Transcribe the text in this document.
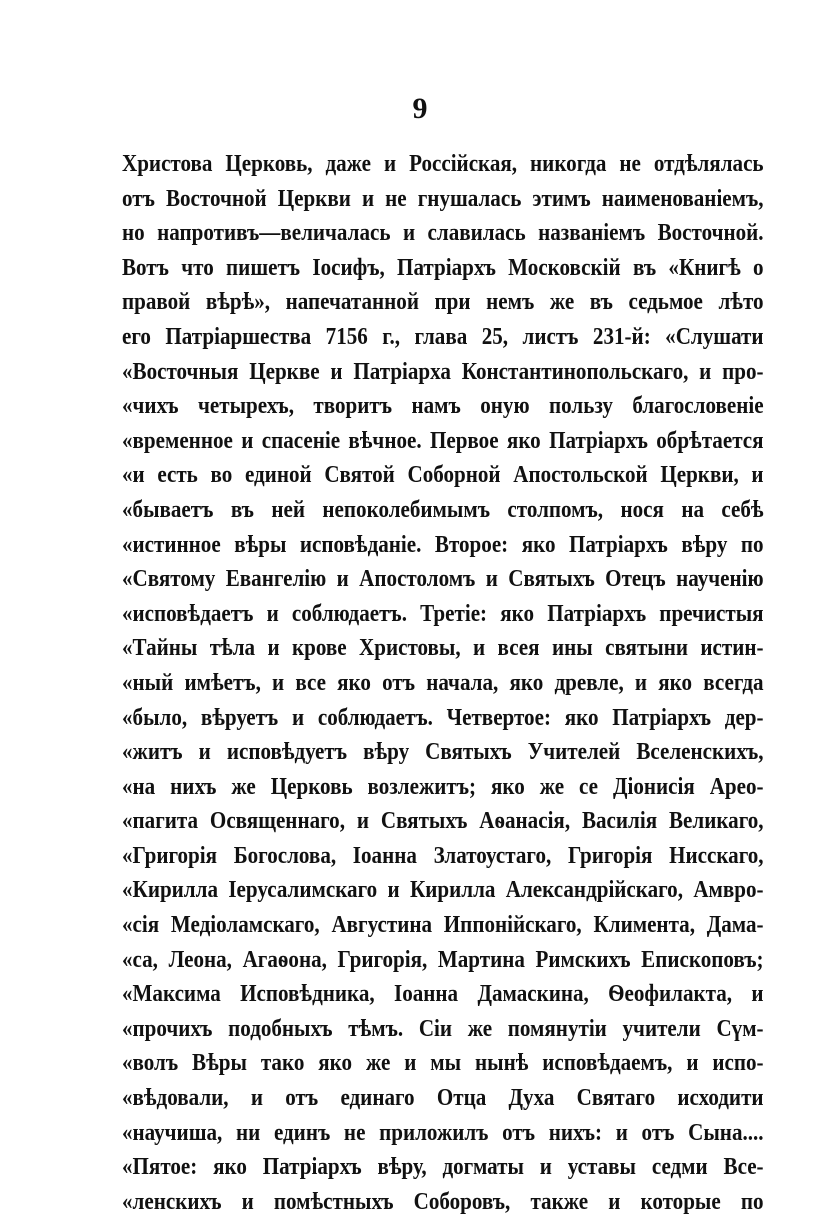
9
Христова Церковь, даже и Россiйская, никогда не отдѣлялась
отъ Восточной Церкви и не гнушалась этимъ наименованiемъ,
но напротивъ—величалась и славилась названiемъ Восточной.
Вотъ что пишетъ Iосифъ, Патрiархъ Московскiй въ «Книгѣ о
правой вѣрѣ», напечатанной при немъ же въ седьмое лѣто
его Патрiаршества 7156 г., глава 25, листъ 231-й: «Слушати
«Восточныя Церкве и Патрiарха Константинопольскаго, и про-
«чихъ четырехъ, творитъ намъ оную пользу благословенiе
«временное и спасенiе вѣчное. Первое яко Патрiархъ обрѣтается
«и есть во единой Святой Соборной Апостольской Церкви, и
«бываетъ въ ней непоколебимымъ столпомъ, нося на себѣ
«истинное вѣры исповѣданiе. Второе: яко Патрiархъ вѣру по
«Святому Евангелiю и Апостоломъ и Святыхъ Отецъ наученiю
«исповѣдаетъ и соблюдаетъ. Третiе: яко Патрiархъ пречистыя
«Тайны тѣла и крове Христовы, и всея ины святыни истин-
«ный имѣетъ, и все яко отъ начала, яко древле, и яко всегда
«было, вѣруетъ и соблюдаетъ. Четвертое: яко Патрiархъ дер-
«житъ и исповѣдуетъ вѣру Святыхъ Учителей Вселенскихъ,
«на нихъ же Церковь возлежитъ; яко же се Дiонисiя Арео-
«пагита Освященнаго, и Святыхъ Аѳанасiя, Василiя Великаго,
«Григорiя Богослова, Iоанна Златоустаго, Григорiя Нисскаго,
«Кирилла Iерусалимскаго и Кирилла Александрiйскаго, Амвро-
«сiя Медiоламскаго, Августина Иппонiйскаго, Климента, Дама-
«са, Леона, Агаѳона, Григорiя, Мартина Римскихъ Епископовъ;
«Максима Исповѣдника, Iоанна Дамаскина, Ѳеофилакта, и
«прочихъ подобныхъ тѣмъ. Сiи же помянутiи учители Сүм-
«волъ Вѣры тако яко же и мы нынѣ исповѣдаемъ, и испо-
«вѣдовали, и отъ единаго Отца Духа Святаго исходити
«научиша, ни единъ не приложилъ отъ нихъ: и отъ Сына....
«Пятое: яко Патрiархъ вѣру, догматы и уставы седми Все-
«ленскихъ и помѣстныхъ Соборовъ, также и которые по
